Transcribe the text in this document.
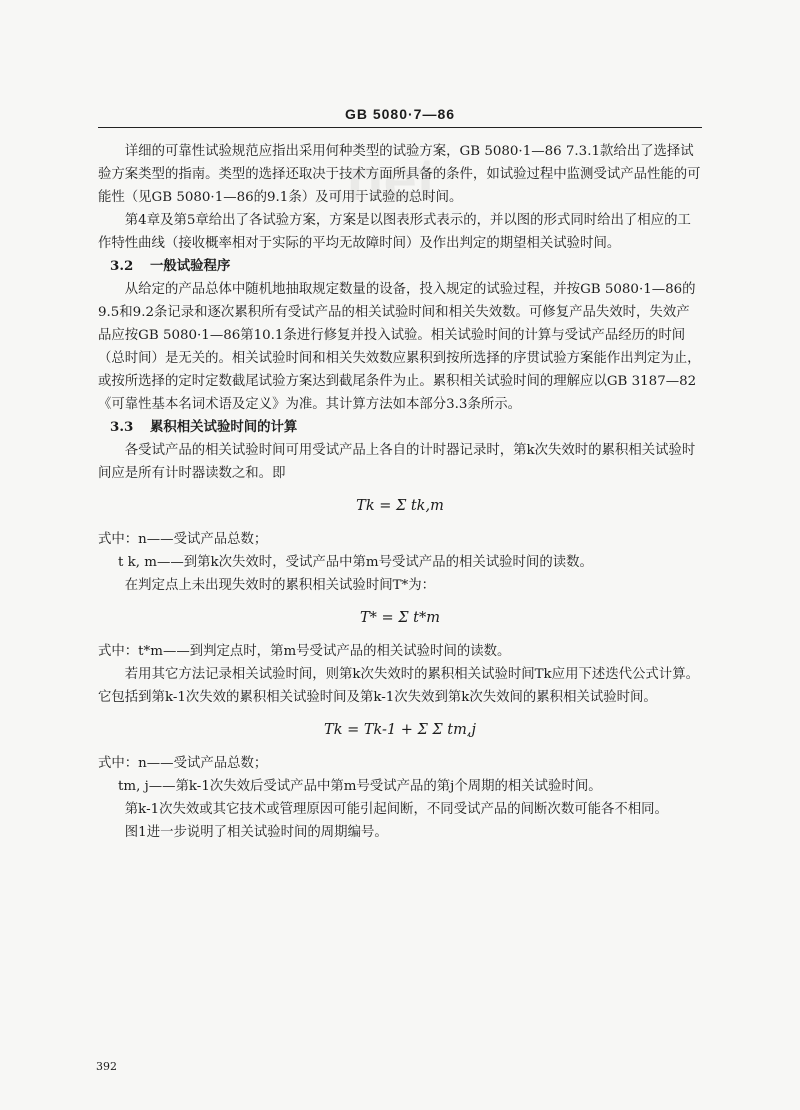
.net
GB 5080·7—86

详细的可靠性试验规范应指出采用何种类型的试验方案，GB 5080·1—86 7.3.1款给出了选择试验方案类型的指南。类型的选择还取决于技术方面所具备的条件，如试验过程中监测受试产品性能的可能性（见GB 5080·1—86的9.1条）及可用于试验的总时间。

第4章及第5章给出了各试验方案，方案是以图表形式表示的，并以图的形式同时给出了相应的工作特性曲线（接收概率相对于实际的平均无故障时间）及作出判定的期望相关试验时间。

3.2 一般试验程序

从给定的产品总体中随机地抽取规定数量的设备，投入规定的试验过程，并按GB 5080·1—86的9.5和9.2条记录和逐次累积所有受试产品的相关试验时间和相关失效数。可修复产品失效时，失效产品应按GB 5080·1—86第10.1条进行修复并投入试验。相关试验时间的计算与受试产品经历的时间（总时间）是无关的。相关试验时间和相关失效数应累积到按所选择的序贯试验方案能作出判定为止，或按所选择的定时定数截尾试验方案达到截尾条件为止。累积相关试验时间的理解应以GB 3187—82《可靠性基本名词术语及定义》为准。其计算方法如本部分3.3条所示。

3.3 累积相关试验时间的计算

各受试产品的相关试验时间可用受试产品上各自的计时器记录时，第k次失效时的累积相关试验时间应是所有计时器读数之和。即

Tk = Σ tk,m

式中：n——受试产品总数；

t k, m——到第k次失效时，受试产品中第m号受试产品的相关试验时间的读数。

在判定点上未出现失效时的累积相关试验时间T*为：

T* = Σ t*m

式中：t*m——到判定点时，第m号受试产品的相关试验时间的读数。

若用其它方法记录相关试验时间，则第k次失效时的累积相关试验时间Tk应用下述迭代公式计算。它包括到第k-1次失效的累积相关试验时间及第k-1次失效到第k次失效间的累积相关试验时间。

Tk = Tk-1 + Σ Σ tm,j

式中：n——受试产品总数；

tm, j——第k-1次失效后受试产品中第m号受试产品的第j个周期的相关试验时间。

第k-1次失效或其它技术或管理原因可能引起间断，不同受试产品的间断次数可能各不相同。

图1进一步说明了相关试验时间的周期编号。

392
